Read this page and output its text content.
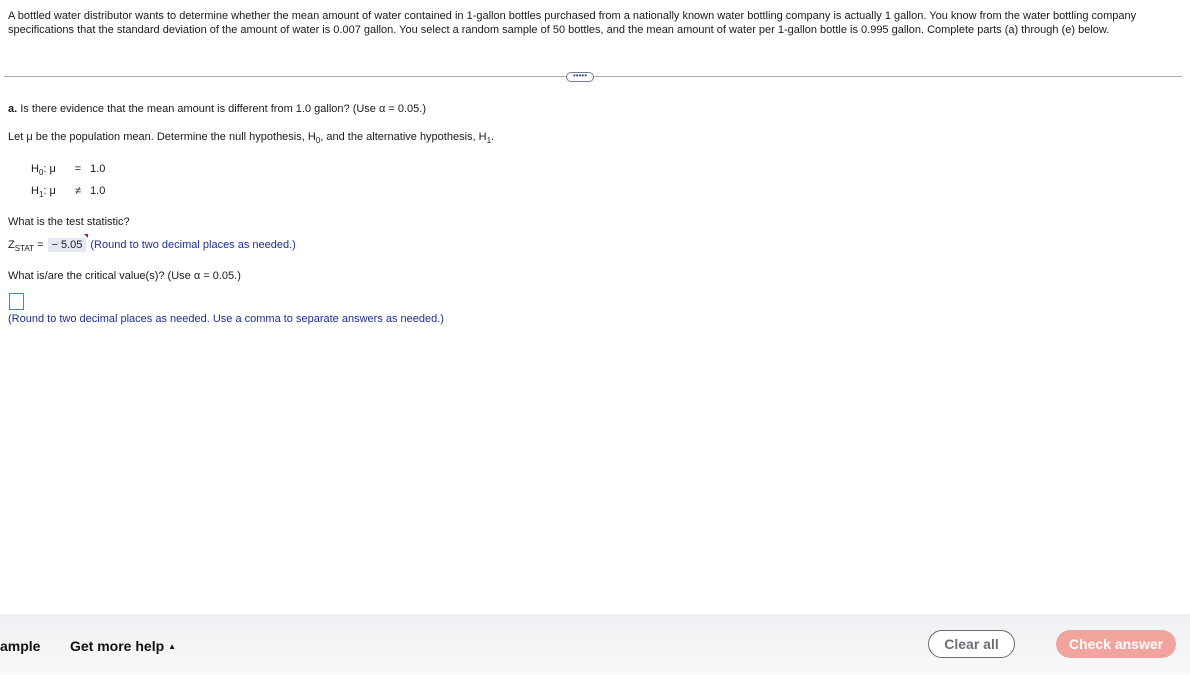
A bottled water distributor wants to determine whether the mean amount of water contained in 1-gallon bottles purchased from a nationally known water bottling company is actually 1 gallon. You know from the water bottling company specifications that the standard deviation of the amount of water is 0.007 gallon. You select a random sample of 50 bottles, and the mean amount of water per 1-gallon bottle is 0.995 gallon. Complete parts (a) through (e) below.
•••••
a. Is there evidence that the mean amount is different from 1.0 gallon? (Use α = 0.05.)
Let μ be the population mean. Determine the null hypothesis, $H_0$, and the alternative hypothesis, $H_1$.
$H_0$: μ = 1.0
$H_1$: μ ≠ 1.0
What is the test statistic?
$Z_{STAT}$ = − 5.05 (Round to two decimal places as needed.)
What is/are the critical value(s)? (Use α = 0.05.)
(Round to two decimal places as needed. Use a comma to separate answers as needed.)
ample Get more help ▲	Clear all	Check answer
